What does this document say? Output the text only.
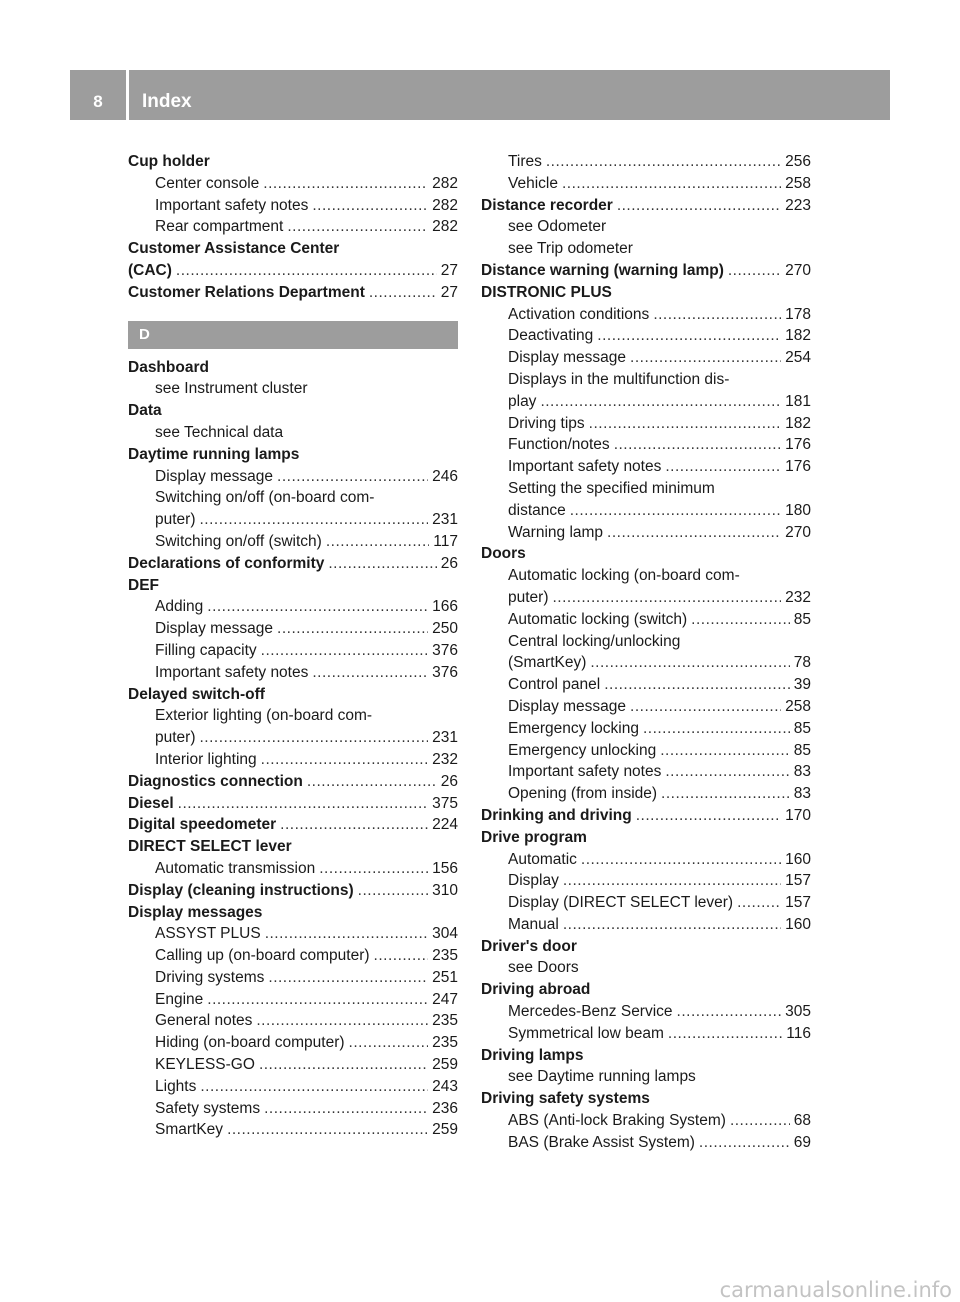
8	Index
Cup holder
Center console .....	282
Important safety notes .....	282
Rear compartment .....	282
Customer Assistance Center
(CAC) .....	27
Customer Relations Department .....	27
D
Dashboard
see Instrument cluster
Data
see Technical data
Daytime running lamps
Display message .....	246
Switching on/off (on-board com-
puter) .....	231
Switching on/off (switch) .....	117
Declarations of conformity .....	26
DEF
Adding .....	166
Display message .....	250
Filling capacity .....	376
Important safety notes .....	376
Delayed switch-off
Exterior lighting (on-board com-
puter) .....	231
Interior lighting .....	232
Diagnostics connection .....	26
Diesel .....	375
Digital speedometer .....	224
DIRECT SELECT lever
Automatic transmission .....	156
Display (cleaning instructions) .....	310
Display messages
ASSYST PLUS .....	304
Calling up (on-board computer) .....	235
Driving systems .....	251
Engine .....	247
General notes .....	235
Hiding (on-board computer) .....	235
KEYLESS-GO .....	259
Lights .....	243
Safety systems .....	236
SmartKey .....	259
Tires .....	256
Vehicle .....	258
Distance recorder .....	223
see Odometer
see Trip odometer
Distance warning (warning lamp) .....	270
DISTRONIC PLUS
Activation conditions .....	178
Deactivating .....	182
Display message .....	254
Displays in the multifunction dis-
play .....	181
Driving tips .....	182
Function/notes .....	176
Important safety notes .....	176
Setting the specified minimum
distance .....	180
Warning lamp .....	270
Doors
Automatic locking (on-board com-
puter) .....	232
Automatic locking (switch) .....	85
Central locking/unlocking
(SmartKey) .....	78
Control panel .....	39
Display message .....	258
Emergency locking .....	85
Emergency unlocking .....	85
Important safety notes .....	83
Opening (from inside) .....	83
Drinking and driving .....	170
Drive program
Automatic .....	160
Display .....	157
Display (DIRECT SELECT lever) .....	157
Manual .....	160
Driver's door
see Doors
Driving abroad
Mercedes-Benz Service .....	305
Symmetrical low beam .....	116
Driving lamps
see Daytime running lamps
Driving safety systems
ABS (Anti-lock Braking System) .....	68
BAS (Brake Assist System) .....	69
carmanualsonline.info
